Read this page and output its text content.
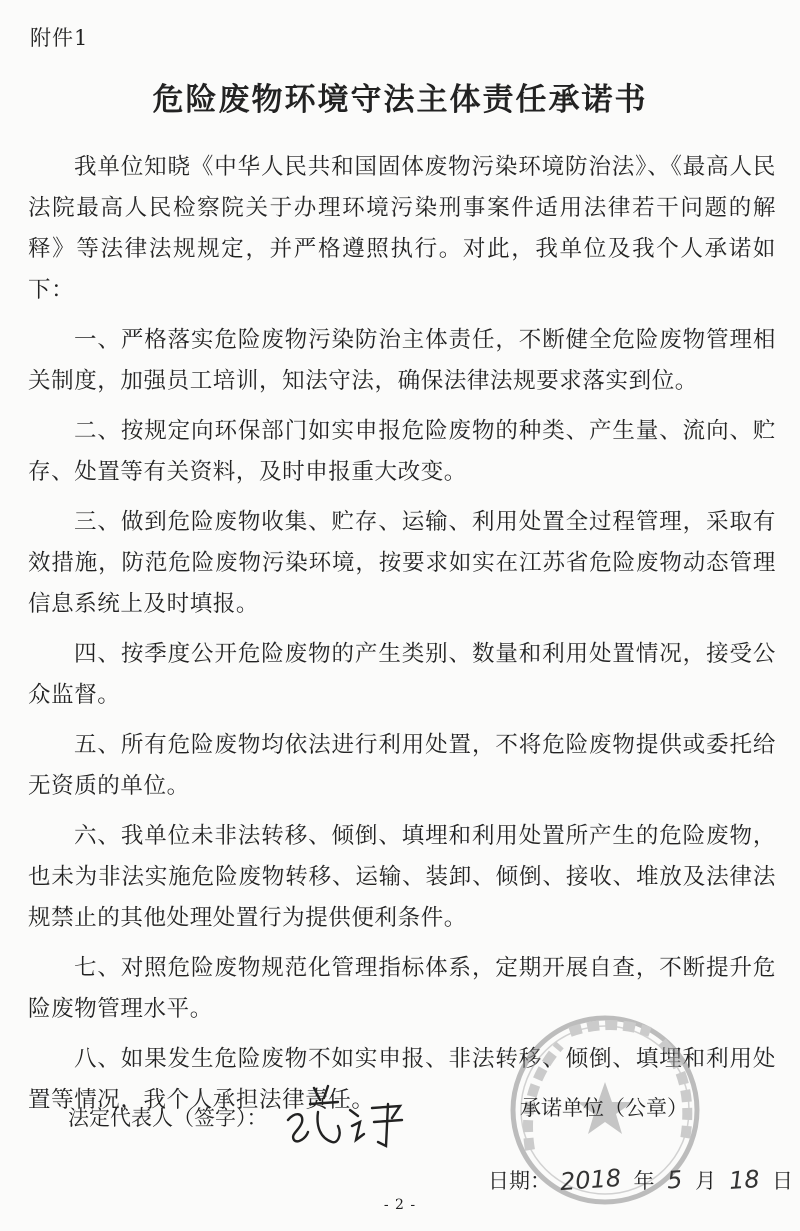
附件1
危险废物环境守法主体责任承诺书

我单位知晓《中华人民共和国固体废物污染环境防治法》、《最高人民法院最高人民检察院关于办理环境污染刑事案件适用法律若干问题的解释》等法律法规规定，并严格遵照执行。对此，我单位及我个人承诺如下：

一、严格落实危险废物污染防治主体责任，不断健全危险废物管理相关制度，加强员工培训，知法守法，确保法律法规要求落实到位。

二、按规定向环保部门如实申报危险废物的种类、产生量、流向、贮存、处置等有关资料，及时申报重大改变。

三、做到危险废物收集、贮存、运输、利用处置全过程管理，采取有效措施，防范危险废物污染环境，按要求如实在江苏省危险废物动态管理信息系统上及时填报。

四、按季度公开危险废物的产生类别、数量和利用处置情况，接受公众监督。

五、所有危险废物均依法进行利用处置，不将危险废物提供或委托给无资质的单位。

六、我单位未非法转移、倾倒、填埋和利用处置所产生的危险废物，也未为非法实施危险废物转移、运输、装卸、倾倒、接收、堆放及法律法规禁止的其他处理处置行为提供便利条件。

七、对照危险废物规范化管理指标体系，定期开展自查，不断提升危险废物管理水平。

八、如果发生危险废物不如实申报、非法转移、倾倒、填埋和利用处置等情况，我个人承担法律责任。

法定代表人（签字）：	承诺单位（公章）
日期： 2018 年 5 月 18 日
- 2 -
